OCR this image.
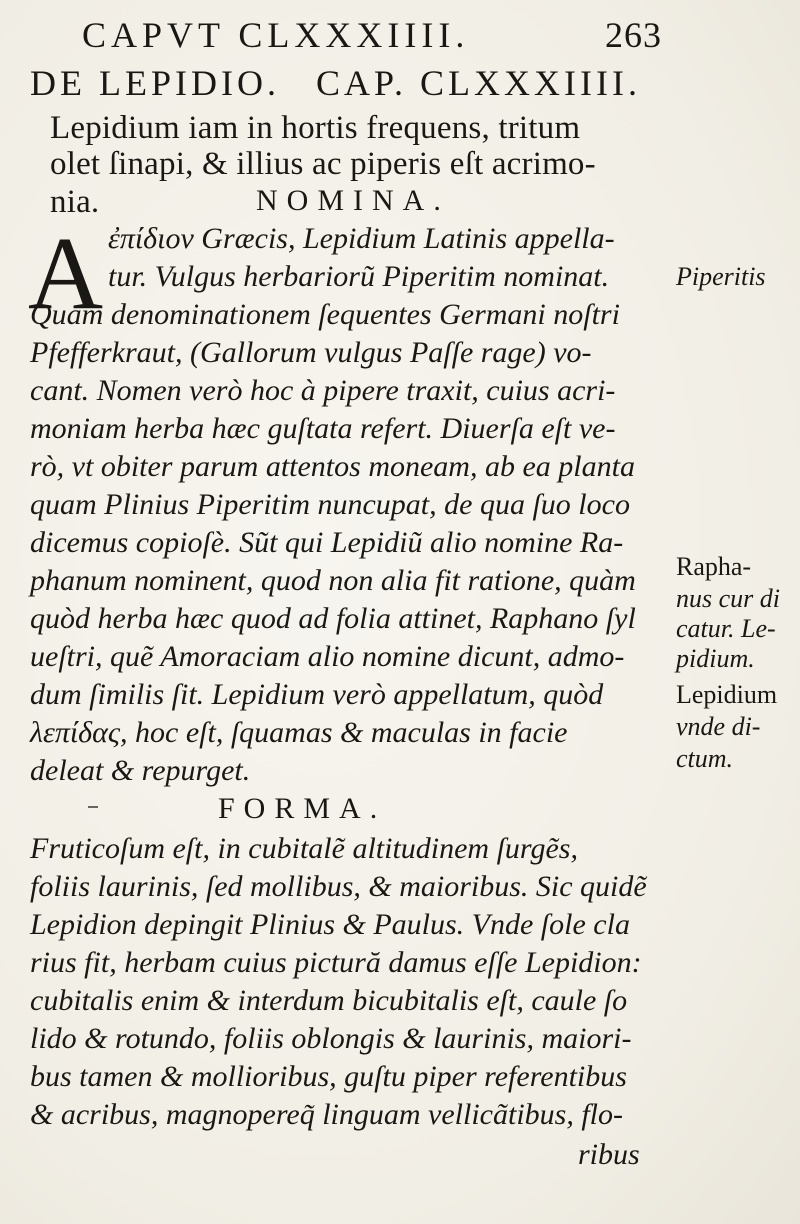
CAPVT CLXXXIIII.	263
DE LEPIDIO. CAP. CLXXXIIII.
Lepidium iam in hortis frequens, tritum
olet ſinapi, & illius ac piperis eſt acrimo-
nia.	NOMINA.
A ἐπίδιον Græcis, Lepidium Latinis appella-
tur. Vulgus herbariorũ Piperitim nominat.
Quam denominationem ſequentes Germani noſtri
Pfefferkraut, (Gallorum vulgus Paſſe rage) vo-
cant. Nomen verò hoc à pipere traxit, cuius acri-
moniam herba hæc guſtata refert. Diuerſa eſt ve-
rò, vt obiter parum attentos moneam, ab ea planta
quam Plinius Piperitim nuncupat, de qua ſuo loco
dicemus copioſè. Sũt qui Lepidiũ alio nomine Ra-
phanum nominent, quod non alia fit ratione, quàm
quòd herba hæc quod ad folia attinet, Raphano ſyl
ueſtri, quẽ Amoraciam alio nomine dicunt, admo-
dum ſimilis ſit. Lepidium verò appellatum, quòd
λεπίδας, hoc eſt, ſquamas & maculas in facie
deleat & repurget.
FORMA.
Fruticoſum eſt, in cubitalẽ altitudinem ſurgẽs,
foliis laurinis, ſed mollibus, & maioribus. Sic quidẽ
Lepidion depingit Plinius & Paulus. Vnde ſole cla
rius fit, herbam cuius pictură damus eſſe Lepidion:
cubitalis enim & interdum bicubitalis eſt, caule ſo
lido & rotundo, foliis oblongis & laurinis, maiori-
bus tamen & mollioribus, guſtu piper referentibus
& acribus, magnopereq̃ linguam vellicãtibus, flo-
ribus
Piperitis
Rapha-
nus cur di
catur. Le-
pidium.
Lepidium
vnde di-
ctum.
